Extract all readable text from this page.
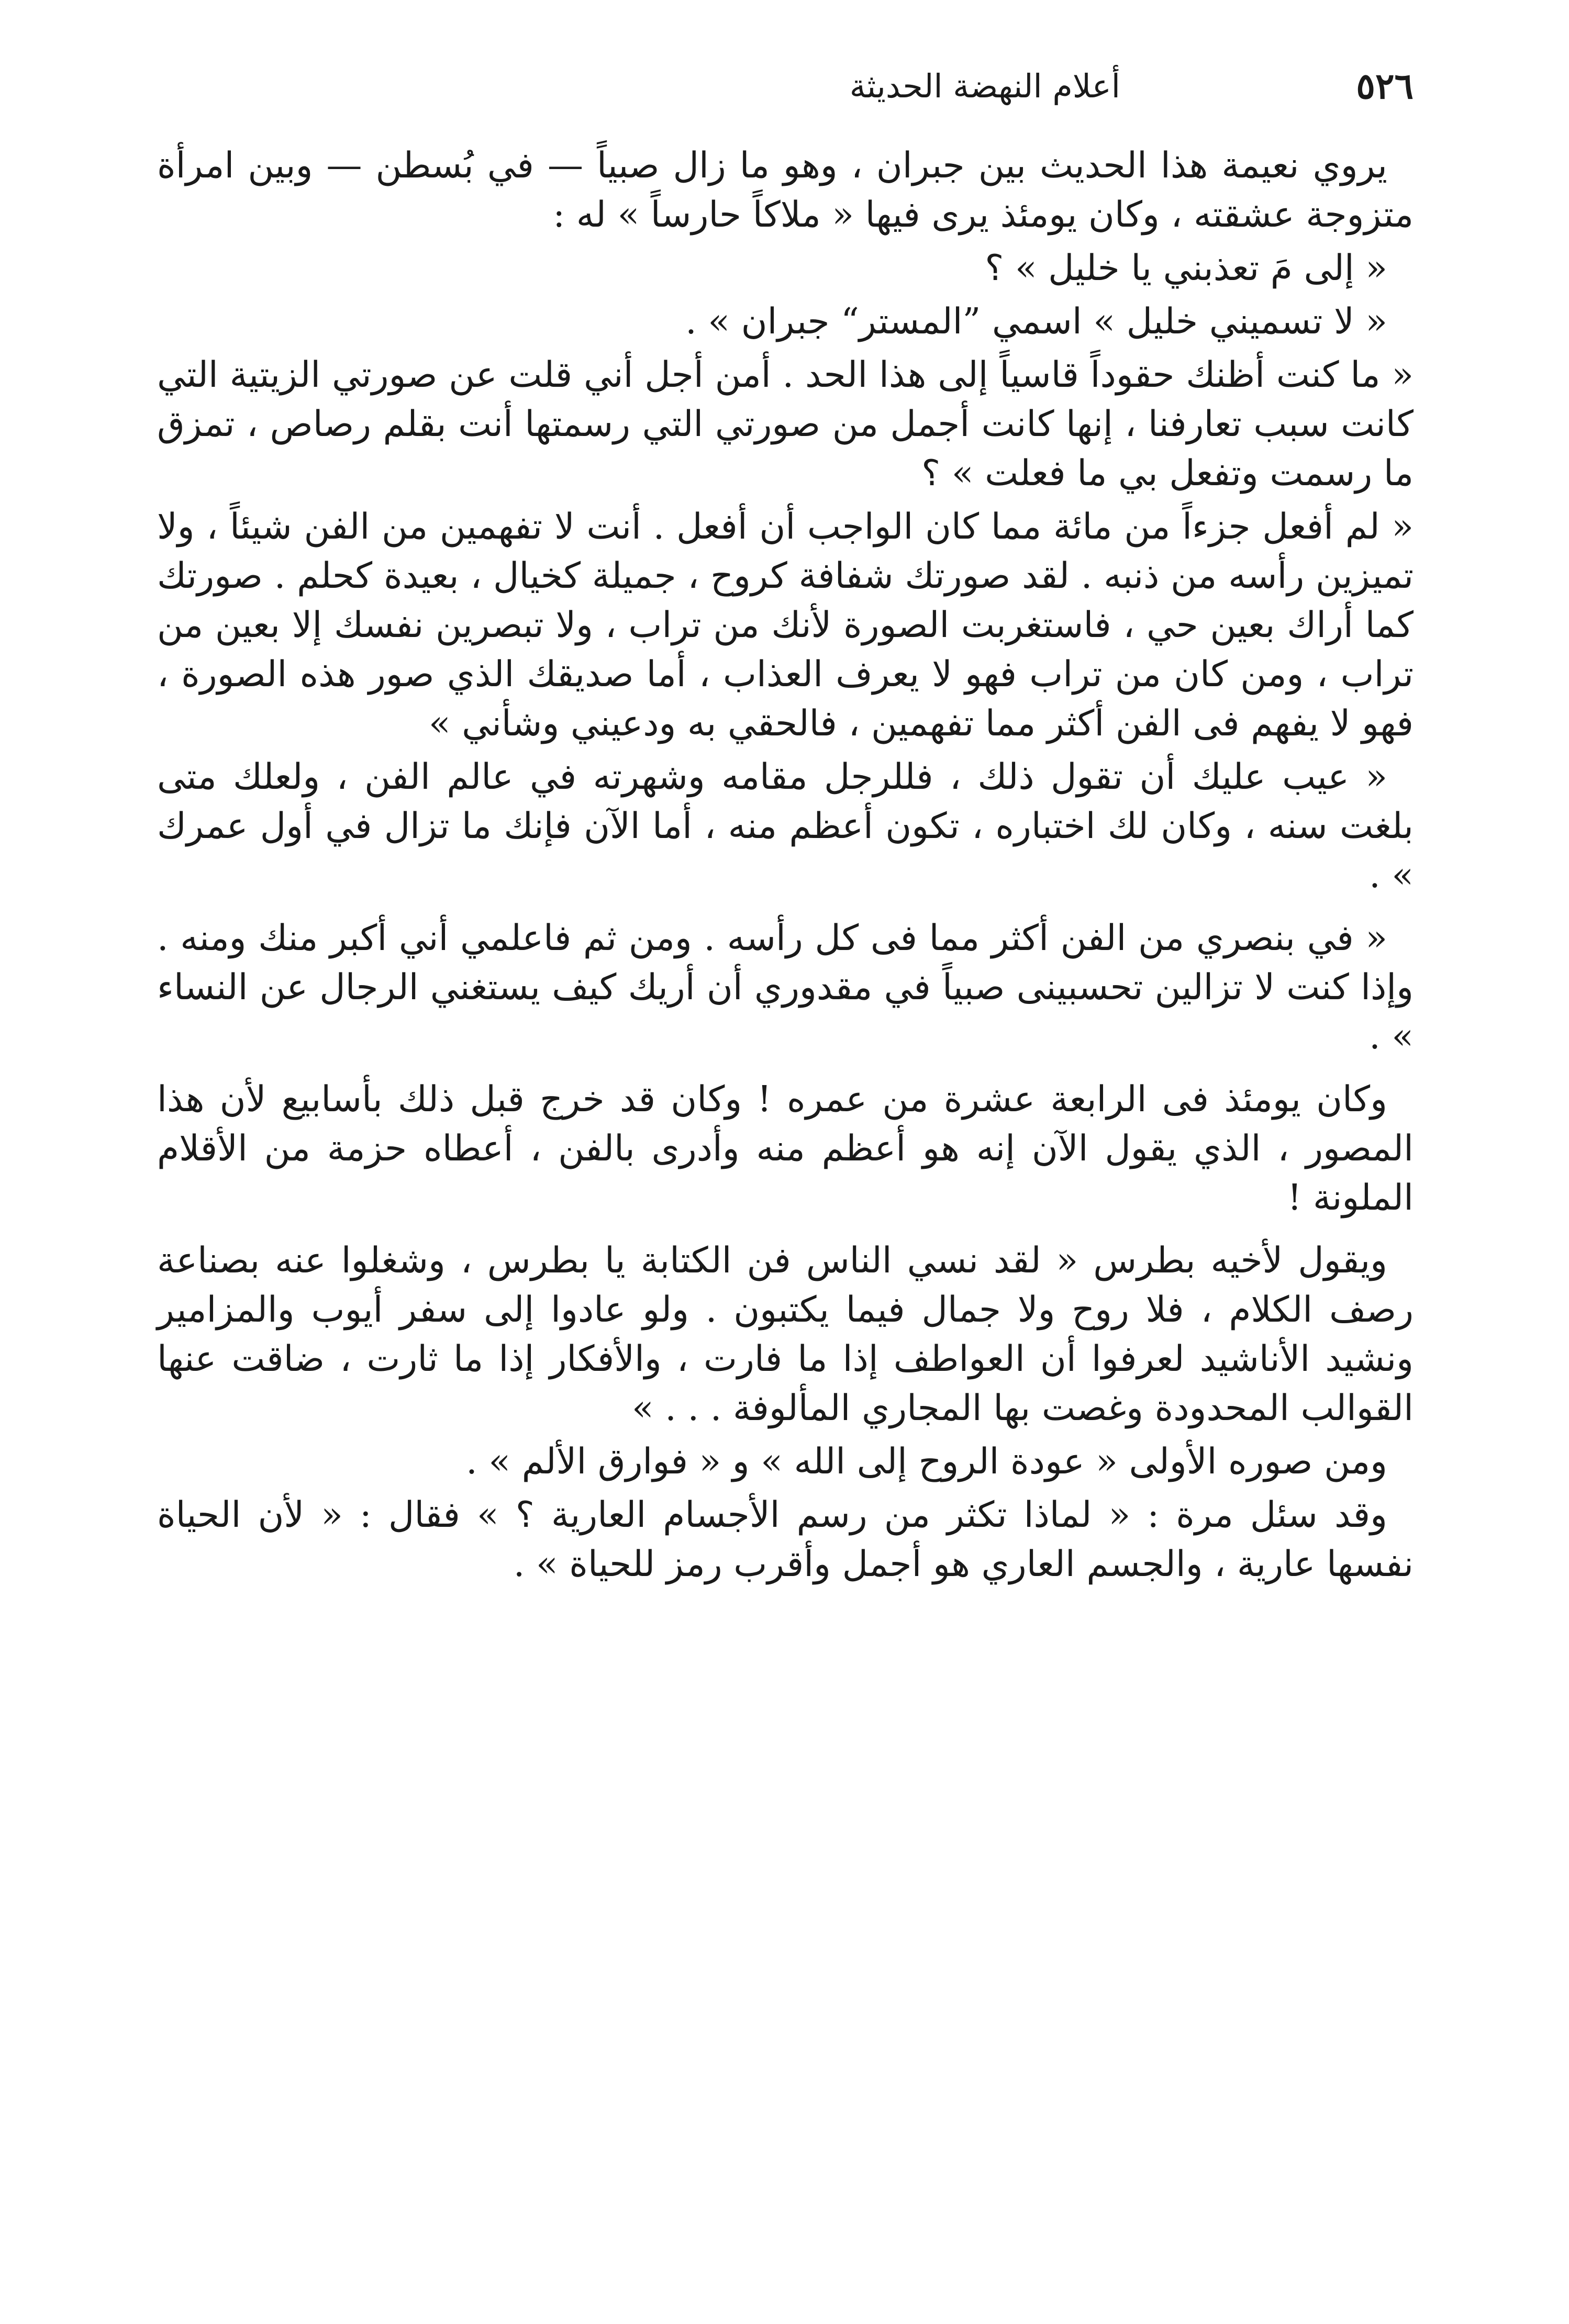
٥٢٦
أعلام النهضة الحديثة

يروي نعيمة هذا الحديث بين جبران ، وهو ما زال صبياً — في بُسطن — وبين امرأة متزوجة عشقته ، وكان يومئذ يرى فيها « ملاكاً حارساً » له :

« إلى مَ تعذبني يا خليل » ؟

« لا تسميني خليل » اسمي ”المستر“ جبران » .

« ما كنت أظنك حقوداً قاسياً إلى هذا الحد . أمن أجل أني قلت عن صورتي الزيتية التي كانت سبب تعارفنا ، إنها كانت أجمل من صورتي التي رسمتها أنت بقلم رصاص ، تمزق ما رسمت وتفعل بي ما فعلت » ؟

« لم أفعل جزءاً من مائة مما كان الواجب أن أفعل . أنت لا تفهمين من الفن شيئاً ، ولا تميزين رأسه من ذنبه . لقد صورتك شفافة كروح ، جميلة كخيال ، بعيدة كحلم . صورتك كما أراك بعين حي ، فاستغربت الصورة لأنك من تراب ، ولا تبصرين نفسك إلا بعين من تراب ، ومن كان من تراب فهو لا يعرف العذاب ، أما صديقك الذي صور هذه الصورة ، فهو لا يفهم فى الفن أكثر مما تفهمين ، فالحقي به ودعيني وشأني »

« عيب عليك أن تقول ذلك ، فللرجل مقامه وشهرته في عالم الفن ، ولعلك متى بلغت سنه ، وكان لك اختباره ، تكون أعظم منه ، أما الآن فإنك ما تزال في أول عمرك » .

« في بنصري من الفن أكثر مما فى كل رأسه . ومن ثم فاعلمي أني أكبر منك ومنه . وإذا كنت لا تزالين تحسبينى صبياً في مقدوري أن أريك كيف يستغني الرجال عن النساء » .

وكان يومئذ فى الرابعة عشرة من عمره ! وكان قد خرج قبل ذلك بأسابيع لأن هذا المصور ، الذي يقول الآن إنه هو أعظم منه وأدرى بالفن ، أعطاه حزمة من الأقلام الملونة !

ويقول لأخيه بطرس « لقد نسي الناس فن الكتابة يا بطرس ، وشغلوا عنه بصناعة رصف الكلام ، فلا روح ولا جمال فيما يكتبون . ولو عادوا إلى سفر أيوب والمزامير ونشيد الأناشيد لعرفوا أن العواطف إذا ما فارت ، والأفكار إذا ما ثارت ، ضاقت عنها القوالب المحدودة وغصت بها المجاري المألوفة . . . »

ومن صوره الأولى « عودة الروح إلى الله » و « فوارق الألم » .

وقد سئل مرة : « لماذا تكثر من رسم الأجسام العارية ؟ » فقال : « لأن الحياة نفسها عارية ، والجسم العاري هو أجمل وأقرب رمز للحياة » .
